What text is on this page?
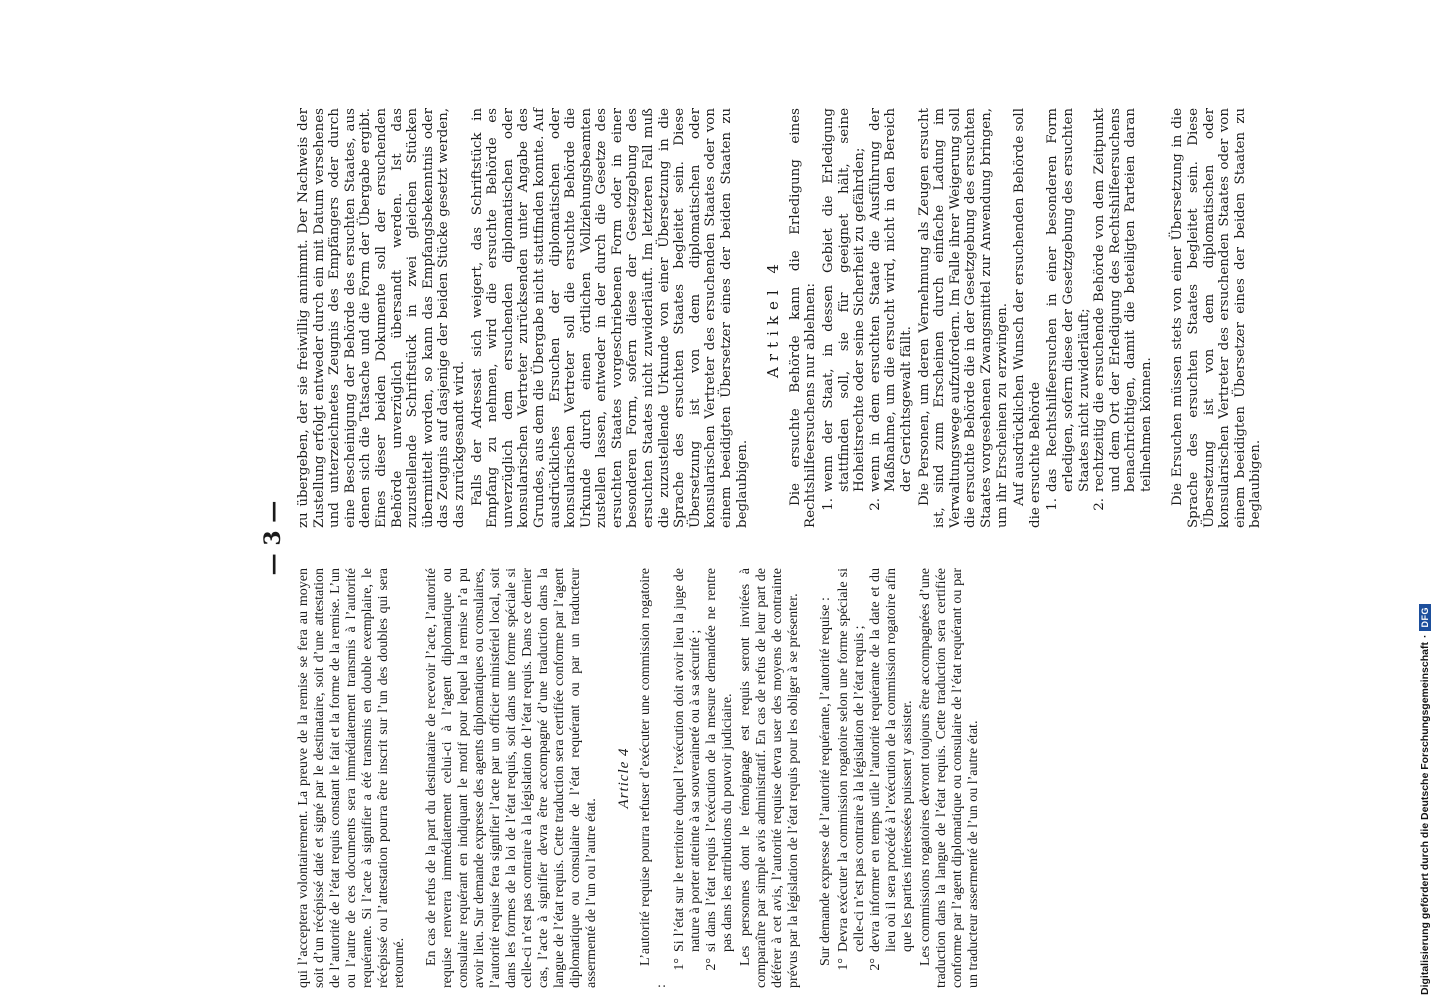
— 3 —

qui l’acceptera volontairement. La preuve de la remise se fera au moyen soit d’un récépissé daté et signé par le destinataire, soit d’une attestation de l’autorité de l’état requis constant le fait et la forme de la remise. L’un ou l’autre de ces documents sera immédiatement transmis à l’autorité requérante. Si l’acte à signifier a été transmis en double exemplaire, le récépissé ou l’attestation pourra être inscrit sur l’un des doubles qui sera retourné. En cas de refus de la part du destinataire de recevoir l’acte, l’autorité requise renverra immédiatement celui-ci à l’agent diplomatique ou consulaire requérant en indiquant le motif pour lequel la remise n’a pu avoir lieu. Sur demande expresse des agents diplomatiques ou consulaires, l’autorité requise fera signifier l’acte par un officier ministériel local, soit dans les formes de la loi de l’état requis, soit dans une forme spéciale si celle-ci n’est pas contraire à la législation de l’état requis. Dans ce dernier cas, l’acte à signifier devra être accompagné d’une traduction dans la langue de l’état requis. Cette traduction sera certifiée conforme par l’agent diplomatique ou consulaire de l’état requérant ou par un traducteur assermenté de l’un ou l’autre état.

Article 4 L’autorité requise pourra refuser d’exécuter une commission rogatoire :

1°
Si l’état sur le territoire duquel l’exécution doit avoir lieu la juge de nature à porter atteinte à sa souveraineté ou à sa sécurité ;
2°
si dans l’état requis l’exécution de la mesure demandée ne rentre pas dans les attributions du pouvoir judiciaire. Les personnes dont le témoignage est requis seront invitées à comparaître par simple avis administratif. En cas de refus de leur part de déférer à cet avis, l’autorité requise devra user des moyens de contrainte prévus par la législation de l’état requis pour les obliger à se présenter. Sur demande expresse de l’autorité requérante, l’autorité requise : 1°
Devra exécuter la commission rogatoire selon une forme spéciale si celle-ci n’est pas contraire à la législation de l’état requis ;
2°
devra informer en temps utile l’autorité requérante de la date et du lieu où il sera procédé à l’exécution de la commission rogatoire afin que les parties intéressées puissent y assister. Les commissions rogatoires devront toujours être accompagnées d’une traduction dans la langue de l’état requis. Cette traduction sera certifiée conforme par l’agent diplomatique ou consulaire de l’état requérant ou par un traducteur assermenté de l’un ou l’autre état.

zu übergeben, der sie freiwillig annimmt. Der Nachweis der Zustellung erfolgt entweder durch ein mit Datum versehenes und unterzeichnetes Zeugnis des Empfängers oder durch eine Bescheinigung der Behörde des ersuchten Staates, aus denen sich die Tatsache und die Form der Übergabe ergibt. Eines dieser beiden Dokumente soll der ersuchenden Behörde unverzüglich übersandt werden. Ist das zuzustellende Schriftstück in zwei gleichen Stücken übermittelt worden, so kann das Empfangsbekenntnis oder das Zeugnis auf dasjenige der beiden Stücke gesetzt werden, das zurückgesandt wird. Falls der Adressat sich weigert, das Schriftstück in Empfang zu nehmen, wird die ersuchte Behörde es unverzüglich dem ersuchenden diplomatischen oder konsularischen Vertreter zurücksenden unter Angabe des Grundes, aus dem die Übergabe nicht stattfinden konnte. Auf ausdrückliches Ersuchen der diplomatischen oder konsularischen Vertreter soll die ersuchte Behörde die Urkunde durch einen örtlichen Vollziehungsbeamten zustellen lassen, entweder in der durch die Gesetze des ersuchten Staates vorgeschriebenen Form oder in einer besonderen Form, sofern diese der Gesetzgebung des ersuchten Staates nicht zuwiderläuft. Im letzteren Fall muß die zuzustellende Urkunde von einer Übersetzung in die Sprache des ersuchten Staates begleitet sein. Diese Übersetzung ist von dem diplomatischen oder konsularischen Vertreter des ersuchenden Staates oder von einem beeidigten Übersetzer eines der beiden Staaten zu beglaubigen.

Artikel 4 Die ersuchte Behörde kann die Erledigung eines Rechtshilfeersuchens nur ablehnen: 1.
wenn der Staat, in dessen Gebiet die Erledigung stattfinden soll, sie für geeignet hält, seine Hoheitsrechte oder seine Sicherheit zu gefährden;
2.
wenn in dem ersuchten Staate die Ausführung der Maßnahme, um die ersucht wird, nicht in den Bereich der Gerichtsgewalt fällt. Die Personen, um deren Vernehmung als Zeugen ersucht ist, sind zum Erscheinen durch einfache Ladung im Verwaltungswege aufzufordern. Im Falle ihrer Weigerung soll die ersuchte Behörde die in der Gesetzgebung des ersuchten Staates vorgesehenen Zwangsmittel zur Anwendung bringen, um ihr Erscheinen zu erzwingen. Auf ausdrücklichen Wunsch der ersuchenden Behörde soll die ersuchte Behörde 1.
das Rechtshilfeersuchen in einer besonderen Form erledigen, sofern diese der Gesetzgebung des ersuchten Staates nicht zuwiderläuft;
2.
rechtzeitig die ersuchende Behörde von dem Zeitpunkt und dem Ort der Erledigung des Rechtshilfeersuchens benachrichtigen, damit die beteiligten Parteien daran teilnehmen können. Die Ersuchen müssen stets von einer Übersetzung in die Sprache des ersuchten Staates begleitet sein. Diese Übersetzung ist von dem diplomatischen oder konsularischen Vertreter des ersuchenden Staates oder von einem beeidigten Übersetzer eines der beiden Staaten zu beglaubigen.

Digitalisierung gefördert durch die Deutsche Forschungsgemeinschaft
·
DFG
